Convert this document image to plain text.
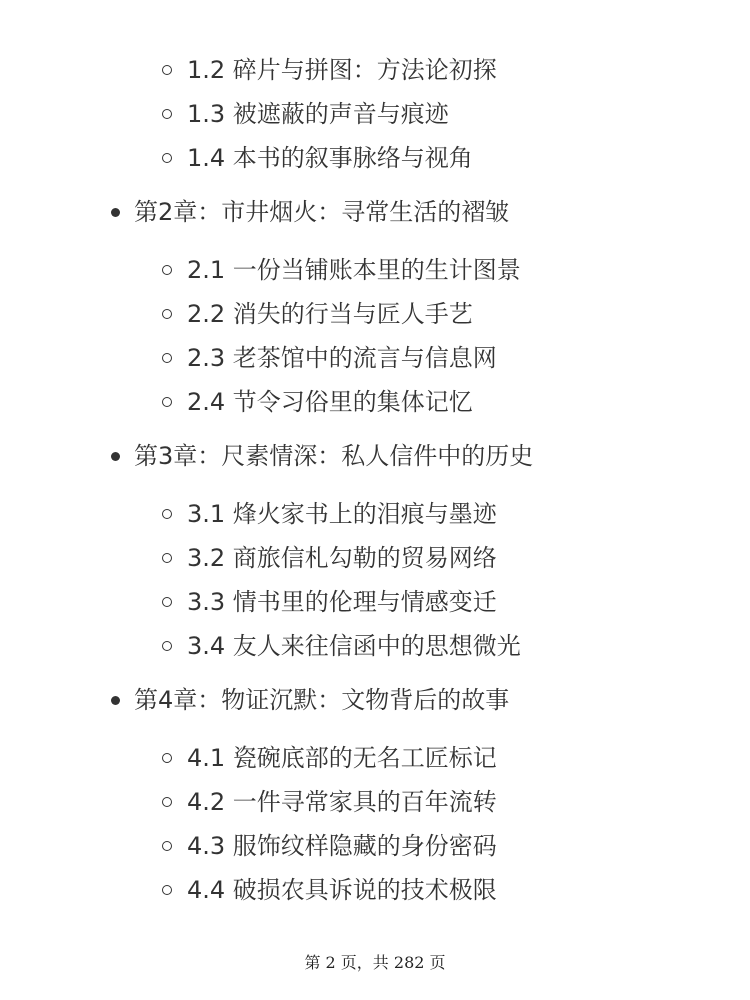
1.2 碎片与拼图：方法论初探
1.3 被遮蔽的声音与痕迹
1.4 本书的叙事脉络与视角
第2章：市井烟火：寻常生活的褶皱
2.1 一份当铺账本里的生计图景
2.2 消失的行当与匠人手艺
2.3 老茶馆中的流言与信息网
2.4 节令习俗里的集体记忆
第3章：尺素情深：私人信件中的历史
3.1 烽火家书上的泪痕与墨迹
3.2 商旅信札勾勒的贸易网络
3.3 情书里的伦理与情感变迁
3.4 友人来往信函中的思想微光
第4章：物证沉默：文物背后的故事
4.1 瓷碗底部的无名工匠标记
4.2 一件寻常家具的百年流转
4.3 服饰纹样隐藏的身份密码
4.4 破损农具诉说的技术极限
第 2 页，共 282 页
